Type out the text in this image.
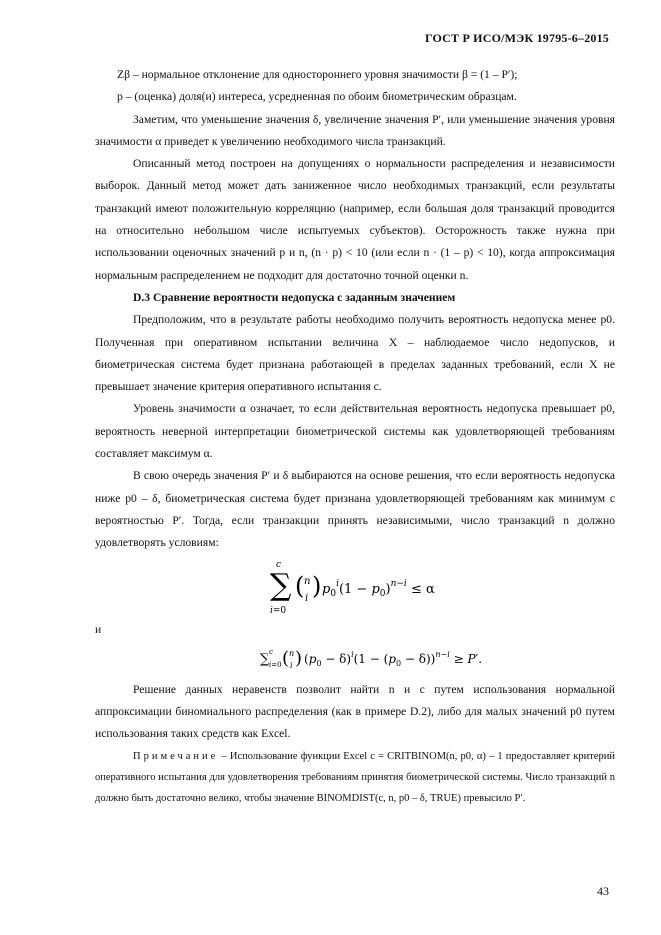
ГОСТ Р ИСО/МЭК 19795-6–2015

Zβ – нормальное отклонение для одностороннего уровня значимости β = (1 – P′);

p – (оценка) доля(и) интереса, усредненная по обоим биометрическим образцам.

Заметим, что уменьшение значения δ, увеличение значения P′, или уменьшение значения уровня значимости α приведет к увеличению необходимого числа транзакций.

Описанный метод построен на допущениях о нормальности распределения и независимости выборок. Данный метод может дать заниженное число необходимых транзакций, если результаты транзакций имеют положительную корреляцию (например, если большая доля транзакций проводится на относительно небольшом числе испытуемых субъектов). Осторожность также нужна при использовании оценочных значений p и n, (n · p) < 10 (или если n · (1 – p) < 10), когда аппроксимация нормальным распределением не подходит для достаточно точной оценки n.

D.3 Сравнение вероятности недопуска с заданным значением

Предположим, что в результате работы необходимо получить вероятность недопуска менее p0. Полученная при оперативном испытании величина X – наблюдаемое число недопусков, и биометрическая система будет признана работающей в пределах заданных требований, если X не превышает значение критерия оперативного испытания c.

Уровень значимости α означает, то если действительная вероятность недопуска превышает p0, вероятность неверной интерпретации биометрической системы как удовлетворяющей требованиям составляет максимум α.

В свою очередь значения P′ и δ выбираются на основе решения, что если вероятность недопуска ниже p0 – δ, биометрическая система будет признана удовлетворяющей требованиям как минимум с вероятностью P′. Тогда, если транзакции принять независимыми, число транзакций n должно удовлетворять условиям:

c
∑
i=0
( n
i ) $p_0^i(1 - p_0)^{n-i} \le \alpha$

и

∑ c
i=0 ( n
i ) $(p_0 - \delta)^i(1 - (p_0 - \delta))^{n-i} \ge P'$.

Решение данных неравенств позволит найти n и c путем использования нормальной аппроксимации биномиального распределения (как в примере D.2), либо для малых значений p0 путем использования таких средств как Excel.

Примечание – Использование функции Excel c = CRITBINOM(n, p0, α) – 1 предоставляет критерий оперативного испытания для удовлетворения требованиям принятия биометрической системы. Число транзакций n должно быть достаточно велико, чтобы значение BINOMDIST(c, n, p0 – δ, TRUE) превысило P′.

43
